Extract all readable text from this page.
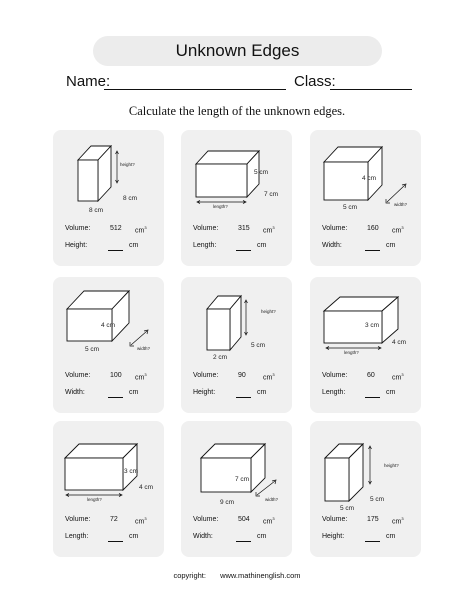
Unknown Edges
Name:	Class:
Calculate the length of the unknown edges.
height?
8 cm
8 cm
Volume:	512 $cm^3$
Height:	cm
length?
5 cm
7 cm
Volume:	315 $cm^3$
Length:	cm
width?
4 cm
5 cm
Volume:	160 $cm^3$
Width:	cm
width?
4 cm
5 cm
Volume:	100 $cm^3$
Width:	cm
height?
5 cm
2 cm
Volume:	90 $cm^3$
Height:	cm
length?
3 cm
4 cm
Volume:	60 $cm^3$
Length:	cm
length?
3 cm
4 cm
Volume:	72 $cm^3$
Length:	cm
width?
7 cm
9 cm
Volume:	504 $cm^3$
Width:	cm
height?
5 cm
5 cm
Volume:	175 $cm^3$
Height:	cm
copyright: www.mathinenglish.com
